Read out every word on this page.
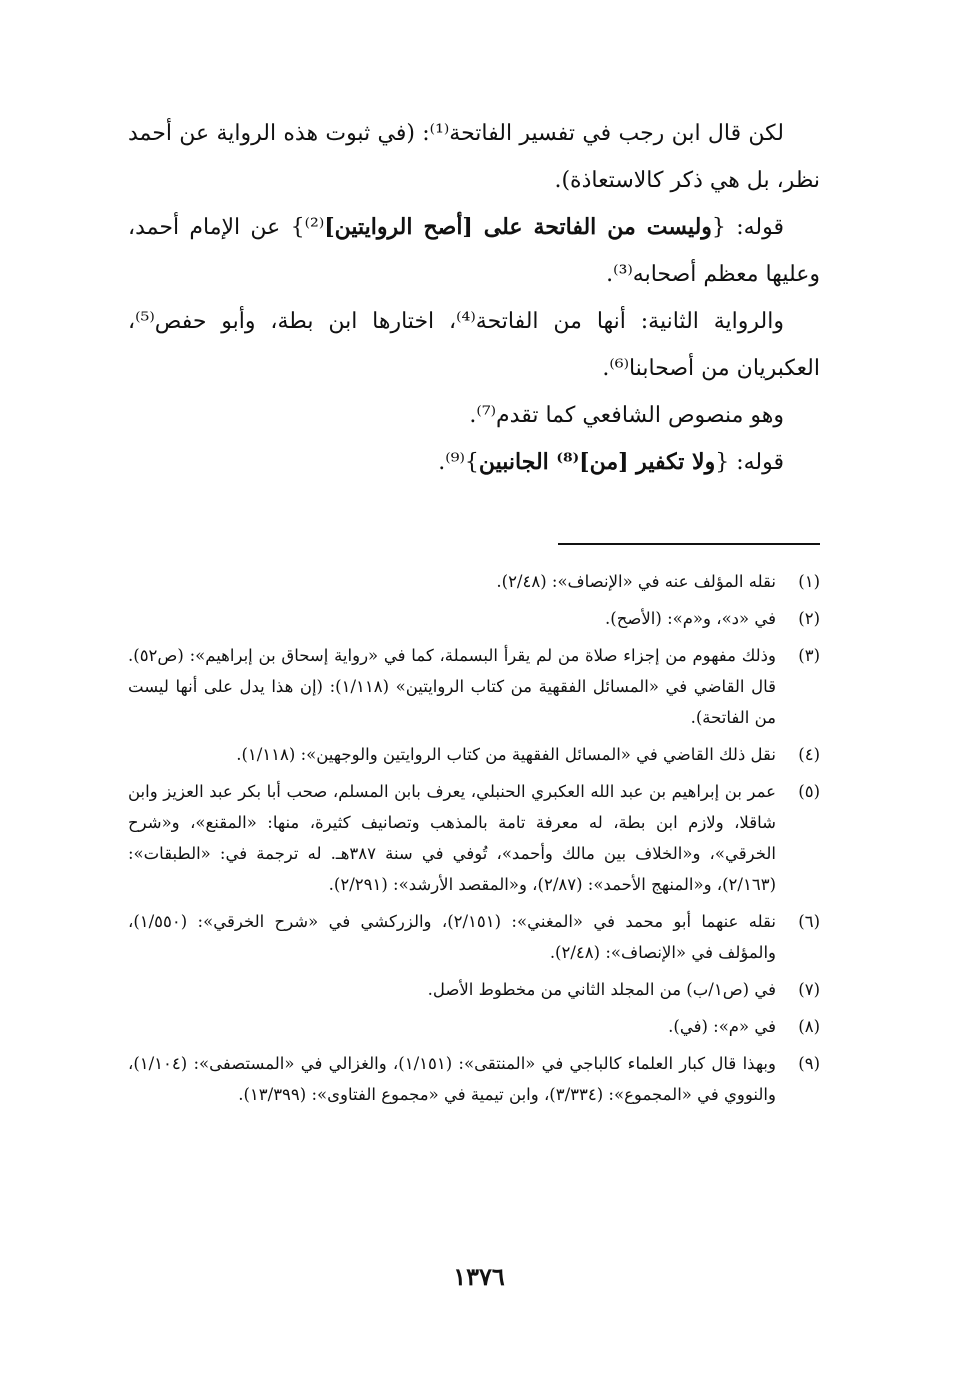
لكن قال ابن رجب في تفسير الفاتحة⁽¹⁾: (في ثبوت هذه الرواية عن أحمد نظر، بل هي ذكر كالاستعاذة).

قوله: {وليست من الفاتحة على [أصح الروايتين]⁽²⁾} عن الإمام أحمد، وعليها معظم أصحابه⁽³⁾.

والرواية الثانية: أنها من الفاتحة⁽⁴⁾، اختارها ابن بطة، وأبو حفص⁽⁵⁾، العكبريان من أصحابنا⁽⁶⁾.

وهو منصوص الشافعي كما تقدم⁽⁷⁾.

قوله: {ولا تكفير [من]⁽⁸⁾ الجانبين}⁽⁹⁾.

(١)
نقله المؤلف عنه في «الإنصاف»: (٢/٤٨).
(٢)
في «د»، و«م»: (الأصح).
(٣)
وذلك مفهوم من إجزاء صلاة من لم يقرأ البسملة، كما في «رواية إسحاق بن إبراهيم»: (ص٥٢). قال القاضي في «المسائل الفقهية من كتاب الروايتين» (١/١١٨): (إن هذا يدل على أنها ليست من الفاتحة).
(٤)
نقل ذلك القاضي في «المسائل الفقهية من كتاب الروايتين والوجهين»: (١/١١٨).
(٥)
عمر بن إبراهيم بن عبد الله العكبري الحنبلي، يعرف بابن المسلم، صحب أبا بكر عبد العزيز وابن شاقلا، ولازم ابن بطة، له معرفة تامة بالمذهب وتصانيف كثيرة، منها: «المقنع»، و«شرح الخرقي»، و«الخلاف بين مالك وأحمد»، تُوفي في سنة ٣٨٧هـ. له ترجمة في: «الطبقات»: (٢/١٦٣)، و«المنهج الأحمد»: (٢/٨٧)، و«المقصد الأرشد»: (٢/٢٩١).
(٦)
نقله عنهما أبو محمد في «المغني»: (٢/١٥١)، والزركشي في «شرح الخرقي»: (١/٥٥٠)، والمؤلف في «الإنصاف»: (٢/٤٨).
(٧)
في (ص١/ب) من المجلد الثاني من مخطوط الأصل.
(٨)
في «م»: (في).
(٩)
وبهذا قال كبار العلماء كالباجي في «المنتقى»: (١/١٥١)، والغزالي في «المستصفى»: (١/١٠٤)، والنووي في «المجموع»: (٣/٣٣٤)، وابن تيمية في «مجموع الفتاوى»: (١٣/٣٩٩).
١٣٧٦
